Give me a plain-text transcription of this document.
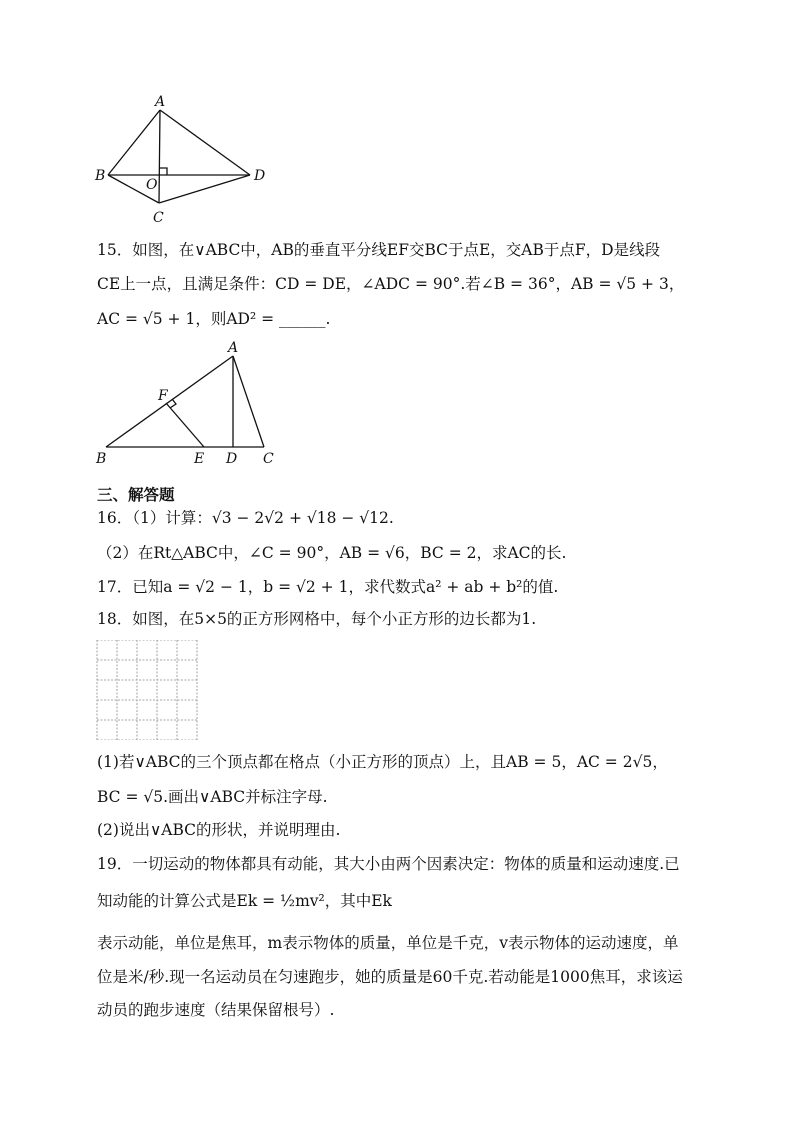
A
B
O
D
C
15．如图，在∨ABC中，AB的垂直平分线EF交BC于点E，交AB于点F，D是线段
CE上一点，且满足条件：CD = DE，∠ADC = 90°.若∠B = 36°，AB = √5 + 3，
AC = √5 + 1，则AD² = ______.
A
F
B	E D C
三、解答题
16．（1）计算：√3 − 2√2 + √18 − √12.
（2）在Rt△ABC中，∠C = 90°，AB = √6，BC = 2，求AC的长.
17．已知a = √2 − 1，b = √2 + 1，求代数式a² + ab + b²的值.
18．如图，在5×5的正方形网格中，每个小正方形的边长都为1.
(1)若∨ABC的三个顶点都在格点（小正方形的顶点）上，且AB = 5，AC = 2√5，
BC = √5.画出∨ABC并标注字母.
(2)说出∨ABC的形状，并说明理由.
19．一切运动的物体都具有动能，其大小由两个因素决定：物体的质量和运动速度.已
知动能的计算公式是Ek = ½mv²，其中Ek
表示动能，单位是焦耳，m表示物体的质量，单位是千克，v表示物体的运动速度，单
位是米/秒.现一名运动员在匀速跑步，她的质量是60千克.若动能是1000焦耳，求该运
动员的跑步速度（结果保留根号）.
